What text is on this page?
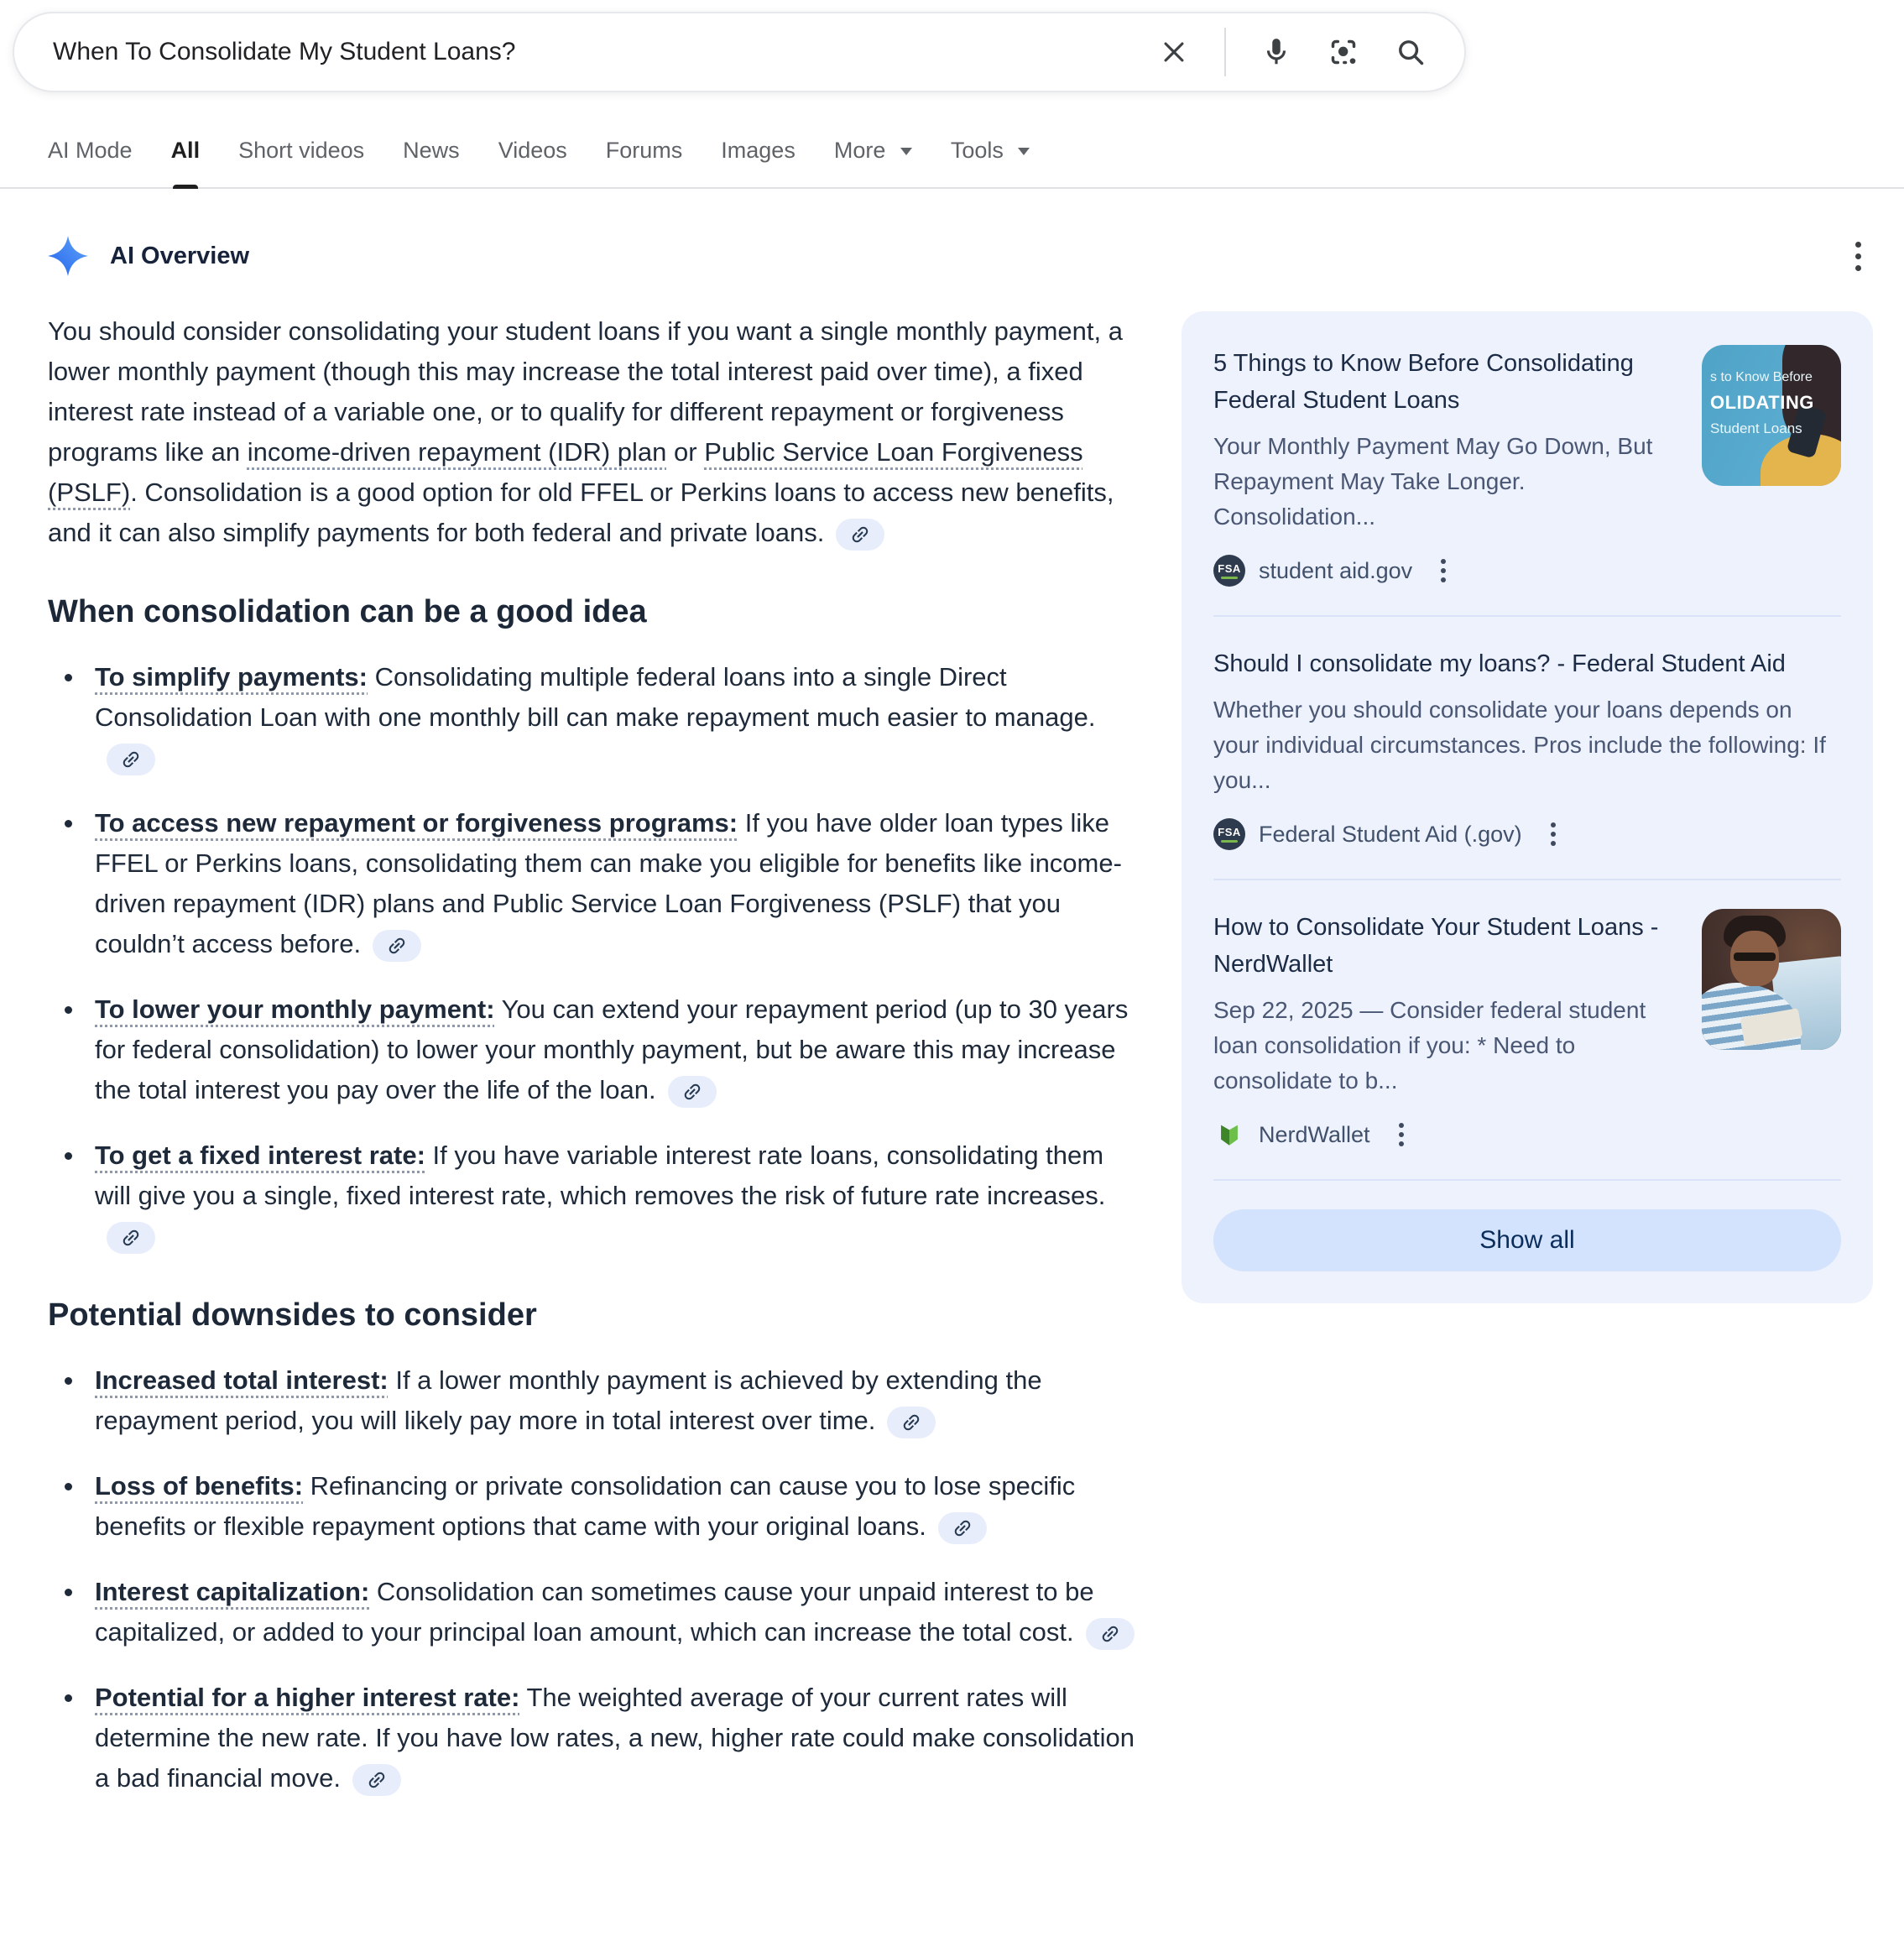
When To Consolidate My Student Loans?
AI Mode All Short videos News Videos Forums Images More	Tools
AI Overview

You should consider consolidating your student loans if you want a single monthly payment, a lower monthly payment (though this may increase the total interest paid over time), a fixed interest rate instead of a variable one, or to qualify for different repayment or forgiveness programs like an income-driven repayment (IDR) plan or Public Service Loan Forgiveness (PSLF). Consolidation is a good option for old FFEL or Perkins loans to access new benefits, and it can also simplify payments for both federal and private loans.

When consolidation can be a good idea
To simplify payments: Consolidating multiple federal loans into a single Direct Consolidation Loan with one monthly bill can make repayment much easier to manage.
To access new repayment or forgiveness programs: If you have older loan types like FFEL or Perkins loans, consolidating them can make you eligible for benefits like income-driven repayment (IDR) plans and Public Service Loan Forgiveness (PSLF) that you couldn’t access before.
To lower your monthly payment: You can extend your repayment period (up to 30 years for federal consolidation) to lower your monthly payment, but be aware this may increase the total interest you pay over the life of the loan.
To get a fixed interest rate: If you have variable interest rate loans, consolidating them will give you a single, fixed interest rate, which removes the risk of future rate increases.
Potential downsides to consider
Increased total interest: If a lower monthly payment is achieved by extending the repayment period, you will likely pay more in total interest over time.
Loss of benefits: Refinancing or private consolidation can cause you to lose specific benefits or flexible repayment options that came with your original loans.
Interest capitalization: Consolidation can sometimes cause your unpaid interest to be capitalized, or added to your principal loan amount, which can increase the total cost.
Potential for a higher interest rate: The weighted average of your current rates will determine the new rate. If you have low rates, a new, higher rate could make consolidation a bad financial move.
5 Things to Know Before Consolidating Federal Student Loans
Your Monthly Payment May Go Down, But Repayment May Take Longer. Consolidation...
FSA student aid.gov
s to Know Before
OLIDATING
Student Loans
Should I consolidate my loans? - Federal Student Aid
Whether you should consolidate your loans depends on your individual circumstances. Pros include the following: If you...
FSA Federal Student Aid (.gov)
How to Consolidate Your Student Loans - NerdWallet
Sep 22, 2025 — Consider federal student loan consolidation if you: * Need to consolidate to b...
NerdWallet
Show all
